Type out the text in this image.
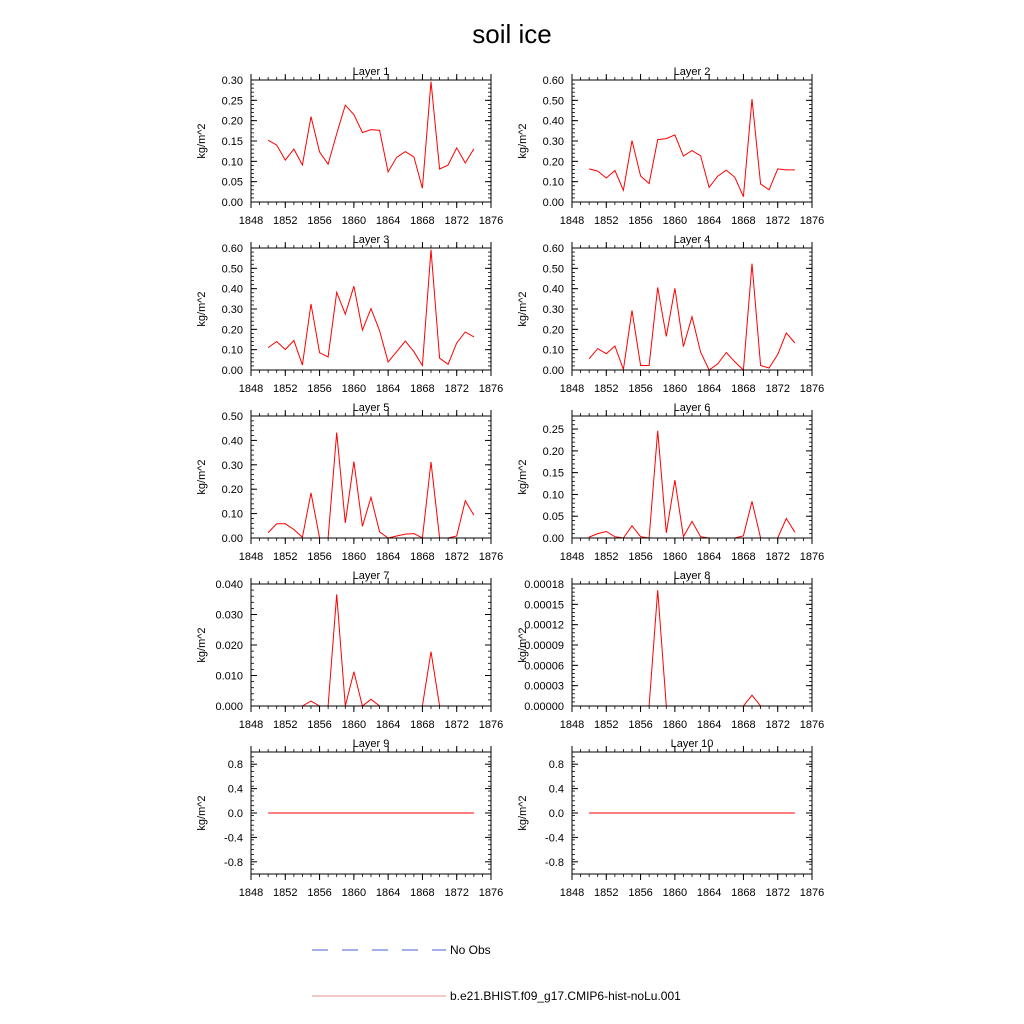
soil ice
Layer 1
0.00
0.05
0.10
0.15
0.20
0.25
0.30
1848 1852 1856 1860 1864 1868 1872 1876
kg/m^2
Layer 2
0.00
0.10
0.20
0.30
0.40
0.50
0.60
1848 1852 1856 1860 1864 1868 1872 1876
kg/m^2
Layer 3
0.00
0.10
0.20
0.30
0.40
0.50
0.60
1848 1852 1856 1860 1864 1868 1872 1876
kg/m^2
Layer 4
0.00
0.10
0.20
0.30
0.40
0.50
0.60
1848 1852 1856 1860 1864 1868 1872 1876
kg/m^2
Layer 5
0.00
0.10
0.20
0.30
0.40
0.50
1848 1852 1856 1860 1864 1868 1872 1876
kg/m^2
Layer 6
0.00
0.05
0.10
0.15
0.20
0.25
1848 1852 1856 1860 1864 1868 1872 1876
kg/m^2
Layer 7
0.000
0.010
0.020
0.030
0.040
1848 1852 1856 1860 1864 1868 1872 1876
kg/m^2
Layer 8
0.00000
0.00003
0.00006
0.00009
0.00012
0.00015
0.00018
1848 1852 1856 1860 1864 1868 1872 1876
kg/m^2
Layer 9
-0.8
-0.4
0.0
0.4
0.8
1848 1852 1856 1860 1864 1868 1872 1876
kg/m^2
Layer 10
-0.8
-0.4
0.0
0.4
0.8
1848 1852 1856 1860 1864 1868 1872 1876
kg/m^2
No Obs
b.e21.BHIST.f09_g17.CMIP6-hist-noLu.001
